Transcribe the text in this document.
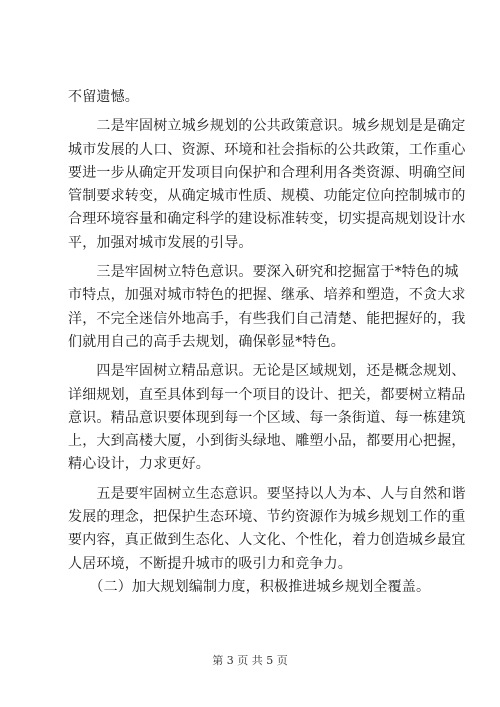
不留遗憾。

　　二是牢固树立城乡规划的公共政策意识。城乡规划是是确定
城市发展的人口、资源、环境和社会指标的公共政策，工作重心
要进一步从确定开发项目向保护和合理利用各类资源、明确空间
管制要求转变，从确定城市性质、规模、功能定位向控制城市的
合理环境容量和确定科学的建设标准转变，切实提高规划设计水
平，加强对城市发展的引导。

　　三是牢固树立特色意识。要深入研究和挖掘富于*特色的城
市特点，加强对城市特色的把握、继承、培养和塑造，不贪大求
洋，不完全迷信外地高手，有些我们自己清楚、能把握好的，我
们就用自己的高手去规划，确保彰显*特色。

　　四是牢固树立精品意识。无论是区域规划，还是概念规划、
详细规划，直至具体到每一个项目的设计、把关，都要树立精品
意识。精品意识要体现到每一个区域、每一条街道、每一栋建筑
上，大到高楼大厦，小到街头绿地、雕塑小品，都要用心把握，
精心设计，力求更好。

　　五是要牢固树立生态意识。要坚持以人为本、人与自然和谐
发展的理念，把保护生态环境、节约资源作为城乡规划工作的重
要内容，真正做到生态化、人文化、个性化，着力创造城乡最宜
人居环境，不断提升城市的吸引力和竞争力。

　　（二）加大规划编制力度，积极推进城乡规划全覆盖。

第 3 页 共 5 页
